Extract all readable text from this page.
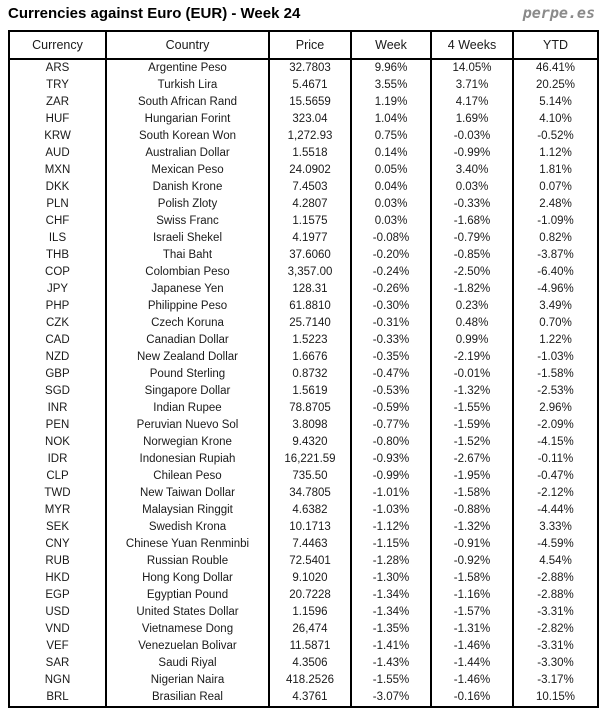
Currencies against Euro (EUR) - Week 24	perpe.es
Currency	Country	Price	Week	4 Weeks	YTD
ARS	Argentine Peso	32.7803	9.96%	14.05%	46.41%
TRY	Turkish Lira	5.4671	3.55%	3.71%	20.25%
ZAR	South African Rand	15.5659	1.19%	4.17%	5.14%
HUF	Hungarian Forint	323.04	1.04%	1.69%	4.10%
KRW	South Korean Won	1,272.93	0.75%	-0.03%	-0.52%
AUD	Australian Dollar	1.5518	0.14%	-0.99%	1.12%
MXN	Mexican Peso	24.0902	0.05%	3.40%	1.81%
DKK	Danish Krone	7.4503	0.04%	0.03%	0.07%
PLN	Polish Zloty	4.2807	0.03%	-0.33%	2.48%
CHF	Swiss Franc	1.1575	0.03%	-1.68%	-1.09%
ILS	Israeli Shekel	4.1977	-0.08%	-0.79%	0.82%
THB	Thai Baht	37.6060	-0.20%	-0.85%	-3.87%
COP	Colombian Peso	3,357.00	-0.24%	-2.50%	-6.40%
JPY	Japanese Yen	128.31	-0.26%	-1.82%	-4.96%
PHP	Philippine Peso	61.8810	-0.30%	0.23%	3.49%
CZK	Czech Koruna	25.7140	-0.31%	0.48%	0.70%
CAD	Canadian Dollar	1.5223	-0.33%	0.99%	1.22%
NZD	New Zealand Dollar	1.6676	-0.35%	-2.19%	-1.03%
GBP	Pound Sterling	0.8732	-0.47%	-0.01%	-1.58%
SGD	Singapore Dollar	1.5619	-0.53%	-1.32%	-2.53%
INR	Indian Rupee	78.8705	-0.59%	-1.55%	2.96%
PEN	Peruvian Nuevo Sol	3.8098	-0.77%	-1.59%	-2.09%
NOK	Norwegian Krone	9.4320	-0.80%	-1.52%	-4.15%
IDR	Indonesian Rupiah	16,221.59	-0.93%	-2.67%	-0.11%
CLP	Chilean Peso	735.50	-0.99%	-1.95%	-0.47%
TWD	New Taiwan Dollar	34.7805	-1.01%	-1.58%	-2.12%
MYR	Malaysian Ringgit	4.6382	-1.03%	-0.88%	-4.44%
SEK	Swedish Krona	10.1713	-1.12%	-1.32%	3.33%
CNY	Chinese Yuan Renminbi	7.4463	-1.15%	-0.91%	-4.59%
RUB	Russian Rouble	72.5401	-1.28%	-0.92%	4.54%
HKD	Hong Kong Dollar	9.1020	-1.30%	-1.58%	-2.88%
EGP	Egyptian Pound	20.7228	-1.34%	-1.16%	-2.88%
USD	United States Dollar	1.1596	-1.34%	-1.57%	-3.31%
VND	Vietnamese Dong	26,474	-1.35%	-1.31%	-2.82%
VEF	Venezuelan Bolivar	11.5871	-1.41%	-1.46%	-3.31%
SAR	Saudi Riyal	4.3506	-1.43%	-1.44%	-3.30%
NGN	Nigerian Naira	418.2526	-1.55%	-1.46%	-3.17%
BRL	Brasilian Real	4.3761	-3.07%	-0.16%	10.15%
